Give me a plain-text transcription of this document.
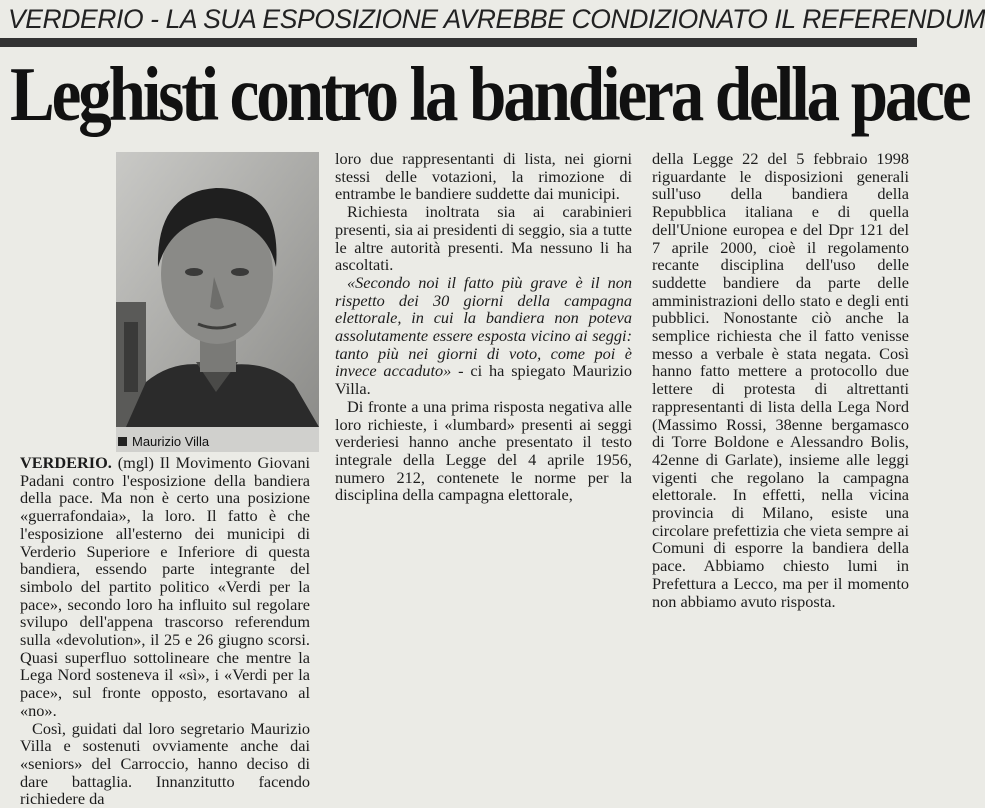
VERDERIO - LA SUA ESPOSIZIONE AVREBBE CONDIZIONATO IL REFERENDUM
Leghisti contro la bandiera della pace
Maurizio Villa

VERDERIO. (mgl) Il Movimento Giovani Padani contro l'esposizione della bandiera della pace. Ma non è certo una posizione «guerrafondaia», la loro. Il fatto è che l'esposizione all'esterno dei municipi di Verderio Superiore e Inferiore di questa bandiera, essendo parte integrante del simbolo del partito politico «Verdi per la pace», secondo loro ha influito sul regolare svilupo dell'appena trascorso referendum sulla «devolution», il 25 e 26 giugno scorsi. Quasi superfluo sottolineare che mentre la Lega Nord sosteneva il «sì», i «Verdi per la pace», sul fronte opposto, esortavano al «no».

Così, guidati dal loro segretario Maurizio Villa e sostenuti ovviamente anche dai «seniors» del Carroccio, hanno deciso di dare battaglia. Innanzitutto facendo richiedere da

loro due rappresentanti di lista, nei giorni stessi delle votazioni, la rimozione di entrambe le bandiere suddette dai municipi.

Richiesta inoltrata sia ai carabinieri presenti, sia ai presidenti di seggio, sia a tutte le altre autorità presenti. Ma nessuno li ha ascoltati.

«Secondo noi il fatto più grave è il non rispetto dei 30 giorni della campagna elettorale, in cui la bandiera non poteva assolutamente essere esposta vicino ai seggi: tanto più nei giorni di voto, come poi è invece accaduto» - ci ha spiegato Maurizio Villa.

Di fronte a una prima risposta negativa alle loro richieste, i «lumbard» presenti ai seggi verderiesi hanno anche presentato il testo integrale della Legge del 4 aprile 1956, numero 212, contenete le norme per la disciplina della campagna elettorale,

della Legge 22 del 5 febbraio 1998 riguardante le disposizioni generali sull'uso della bandiera della Repubblica italiana e di quella dell'Unione europea e del Dpr 121 del 7 aprile 2000, cioè il regolamento recante disciplina dell'uso delle suddette bandiere da parte delle amministrazioni dello stato e degli enti pubblici. Nonostante ciò anche la semplice richiesta che il fatto venisse messo a verbale è stata negata. Così hanno fatto mettere a protocollo due lettere di protesta di altrettanti rappresentanti di lista della Lega Nord (Massimo Rossi, 38enne bergamasco di Torre Boldone e Alessandro Bolis, 42enne di Garlate), insieme alle leggi vigenti che regolano la campagna elettorale. In effetti, nella vicina provincia di Milano, esiste una circolare prefettizia che vieta sempre ai Comuni di esporre la bandiera della pace. Abbiamo chiesto lumi in Prefettura a Lecco, ma per il momento non abbiamo avuto risposta.
